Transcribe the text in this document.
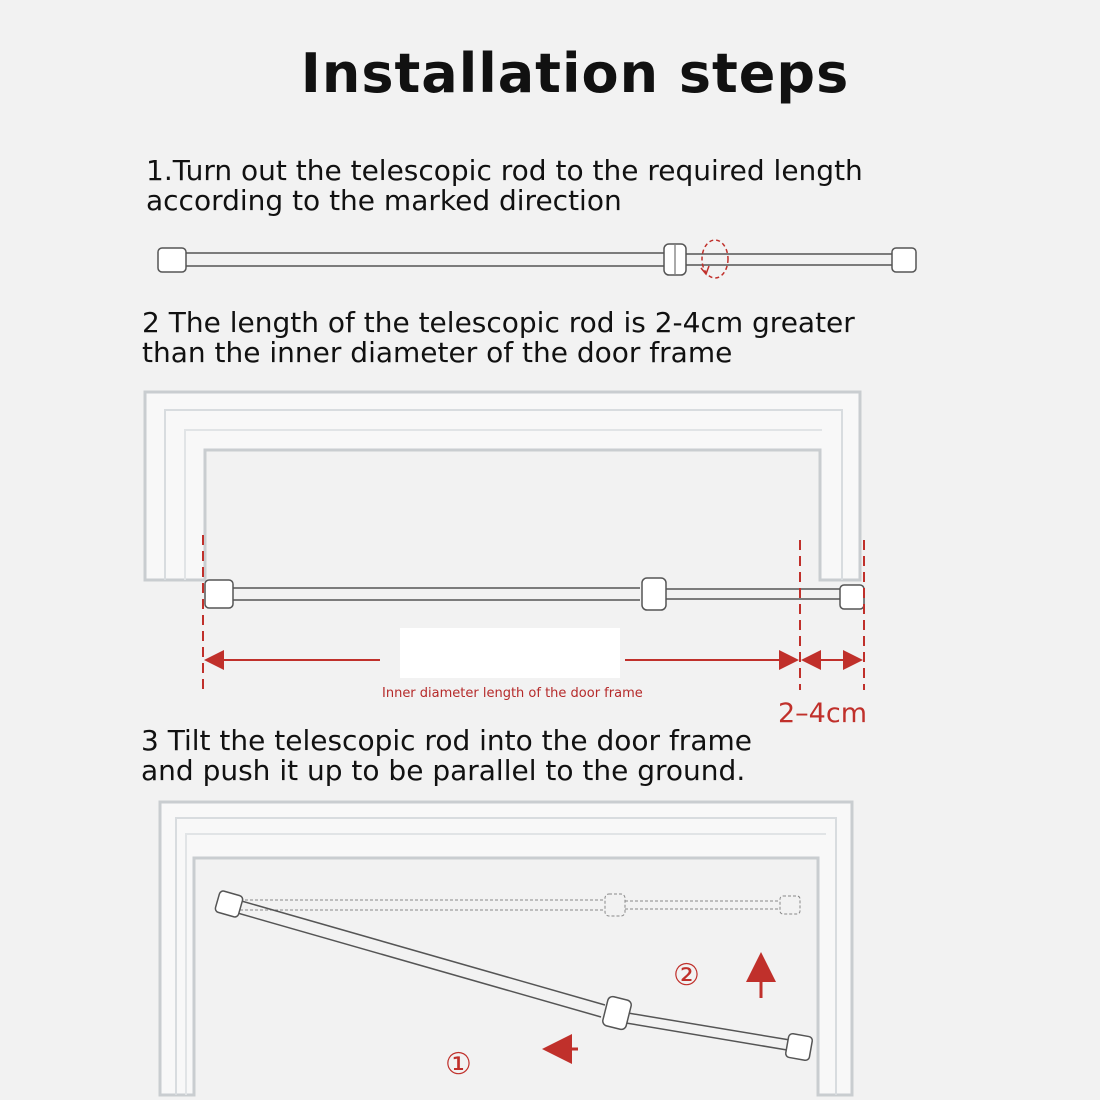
Installation steps
1.Turn out the telescopic rod to the required length
according to the marked direction
2 The length of the telescopic rod is 2-4cm greater
than the inner diameter of the door frame
3 Tilt the telescopic rod into the door frame
and push it up to be parallel to the ground.
Inner diameter length of the door frame
2–4cm
①
②
